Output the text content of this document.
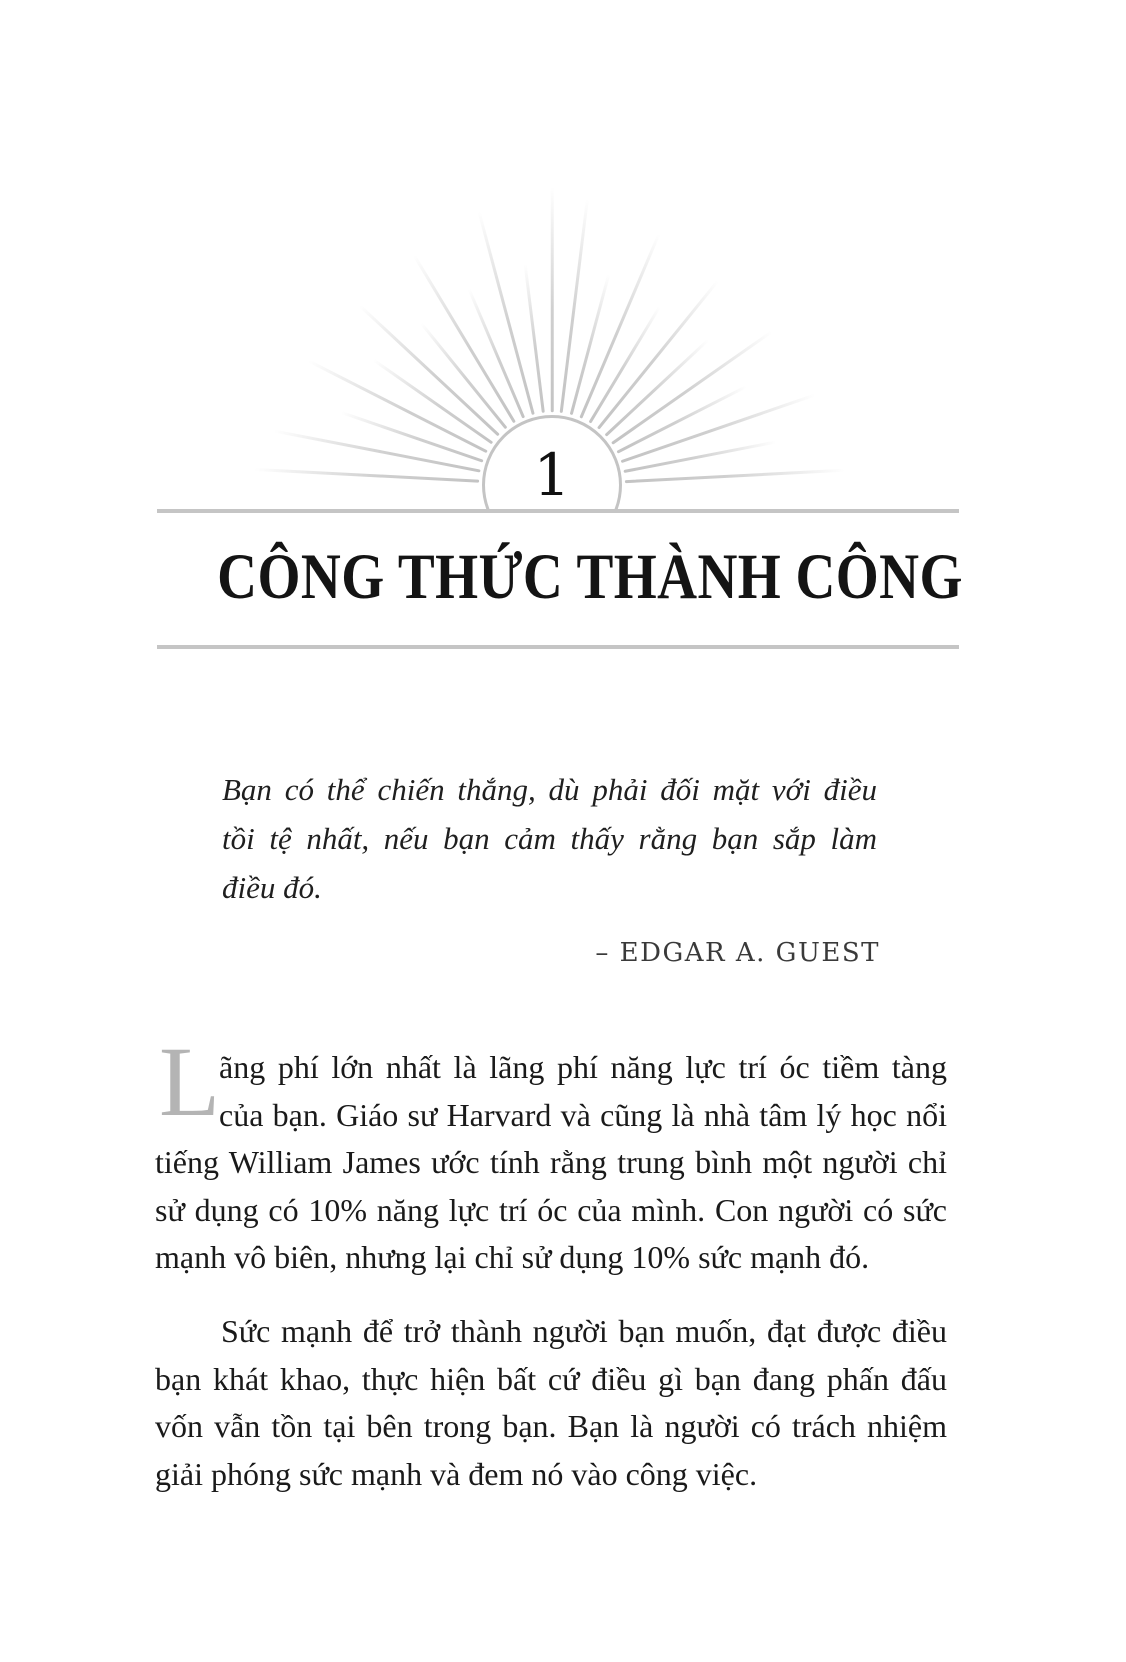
1
CÔNG THỨC THÀNH CÔNG
Bạn có thể chiến thắng, dù phải đối mặt với điều
tồi tệ nhất, nếu bạn cảm thấy rằng bạn sắp làm
điều đó.
– EDGAR A. GUEST
L
ãng phí lớn nhất là lãng phí năng lực trí óc tiềm tàng
của bạn. Giáo sư Harvard và cũng là nhà tâm lý học nổi
tiếng William James ước tính rằng trung bình một người chỉ
sử dụng có 10% năng lực trí óc của mình. Con người có sức
mạnh vô biên, nhưng lại chỉ sử dụng 10% sức mạnh đó.
Sức mạnh để trở thành người bạn muốn, đạt được điều
bạn khát khao, thực hiện bất cứ điều gì bạn đang phấn đấu
vốn vẫn tồn tại bên trong bạn. Bạn là người có trách nhiệm
giải phóng sức mạnh và đem nó vào công việc.
